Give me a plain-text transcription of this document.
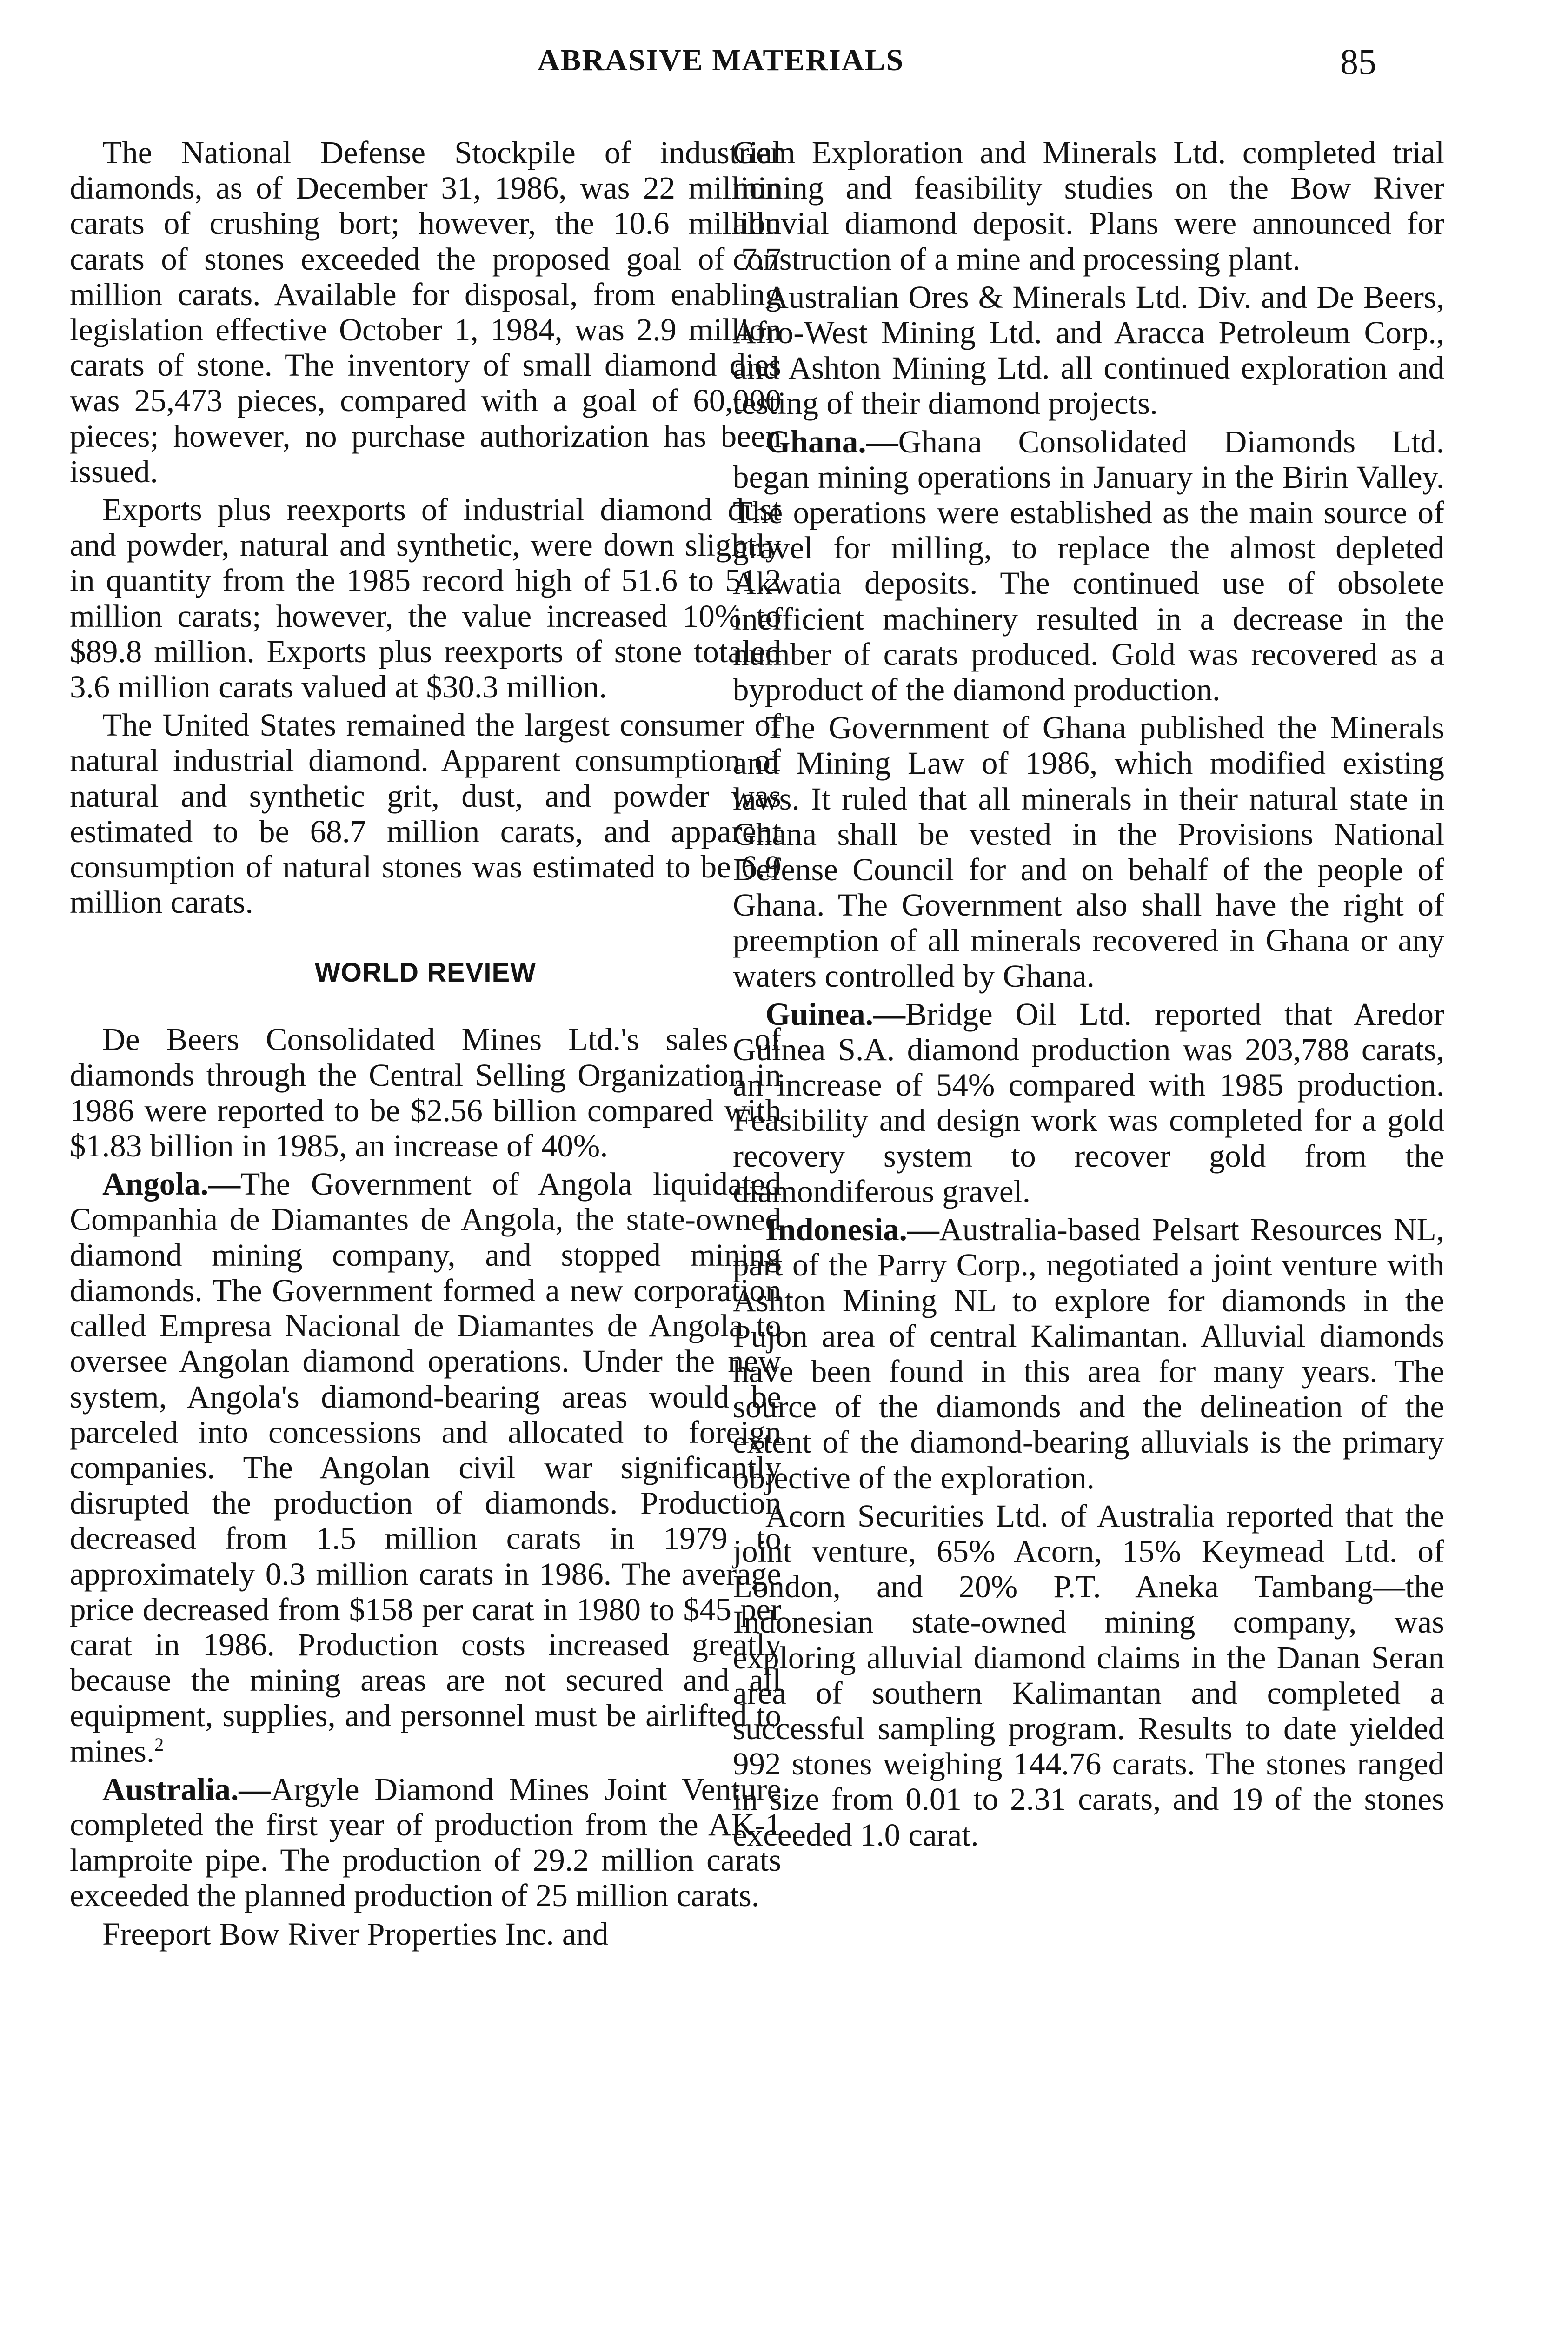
ABRASIVE MATERIALS	85

The National Defense Stockpile of industrial diamonds, as of December 31, 1986, was 22 million carats of crushing bort; however, the 10.6 million carats of stones exceeded the proposed goal of 7.7 million carats. Available for disposal, from enabling legislation effective October 1, 1984, was 2.9 million carats of stone. The inventory of small diamond dies was 25,473 pieces, compared with a goal of 60,000 pieces; however, no purchase authorization has been issued.

Exports plus reexports of industrial diamond dust and powder, natural and synthetic, were down slightly in quantity from the 1985 record high of 51.6 to 51.2 million carats; however, the value increased 10% to $89.8 million. Exports plus reexports of stone totaled 3.6 million carats valued at $30.3 million.

The United States remained the largest consumer of natural industrial diamond. Apparent consumption of natural and synthetic grit, dust, and powder was estimated to be 68.7 million carats, and apparent consumption of natural stones was estimated to be 6.9 million carats.

WORLD REVIEW

De Beers Consolidated Mines Ltd.'s sales of diamonds through the Central Selling Organization in 1986 were reported to be $2.56 billion compared with $1.83 billion in 1985, an increase of 40%.

Angola.—The Government of Angola liquidated Companhia de Diamantes de Angola, the state-owned diamond mining company, and stopped mining diamonds. The Government formed a new corporation called Empresa Nacional de Diamantes de Angola to oversee Angolan diamond operations. Under the new system, Angola's diamond-bearing areas would be parceled into concessions and allocated to foreign companies. The Angolan civil war significantly disrupted the production of diamonds. Production decreased from 1.5 million carats in 1979 to approximately 0.3 million carats in 1986. The average price decreased from $158 per carat in 1980 to $45 per carat in 1986. Production costs increased greatly because the mining areas are not secured and all equipment, supplies, and personnel must be airlifted to mines.$^2$

Australia.—Argyle Diamond Mines Joint Venture completed the first year of production from the AK-1 lamproite pipe. The production of 29.2 million carats exceeded the planned production of 25 million carats.

Freeport Bow River Properties Inc. and

Gem Exploration and Minerals Ltd. completed trial mining and feasibility studies on the Bow River alluvial diamond deposit. Plans were announced for construction of a mine and processing plant.

Australian Ores & Minerals Ltd. Div. and De Beers, Afro-West Mining Ltd. and Aracca Petroleum Corp., and Ashton Mining Ltd. all continued exploration and testing of their diamond projects.

Ghana.—Ghana Consolidated Diamonds Ltd. began mining operations in January in the Birin Valley. The operations were established as the main source of gravel for milling, to replace the almost depleted Akwatia deposits. The continued use of obsolete inefficient machinery resulted in a decrease in the number of carats produced. Gold was recovered as a byproduct of the diamond production.

The Government of Ghana published the Minerals and Mining Law of 1986, which modified existing laws. It ruled that all minerals in their natural state in Ghana shall be vested in the Provisions National Defense Council for and on behalf of the people of Ghana. The Government also shall have the right of preemption of all minerals recovered in Ghana or any waters controlled by Ghana.

Guinea.—Bridge Oil Ltd. reported that Aredor Guinea S.A. diamond production was 203,788 carats, an increase of 54% compared with 1985 production. Feasibility and design work was completed for a gold recovery system to recover gold from the diamondiferous gravel.

Indonesia.—Australia-based Pelsart Resources NL, part of the Parry Corp., negotiated a joint venture with Ashton Mining NL to explore for diamonds in the Pujon area of central Kalimantan. Alluvial diamonds have been found in this area for many years. The source of the diamonds and the delineation of the extent of the diamond-bearing alluvials is the primary objective of the exploration.

Acorn Securities Ltd. of Australia reported that the joint venture, 65% Acorn, 15% Keymead Ltd. of London, and 20% P.T. Aneka Tambang—the Indonesian state-owned mining company, was exploring alluvial diamond claims in the Danan Seran area of southern Kalimantan and completed a successful sampling program. Results to date yielded 992 stones weighing 144.76 carats. The stones ranged in size from 0.01 to 2.31 carats, and 19 of the stones exceeded 1.0 carat.
